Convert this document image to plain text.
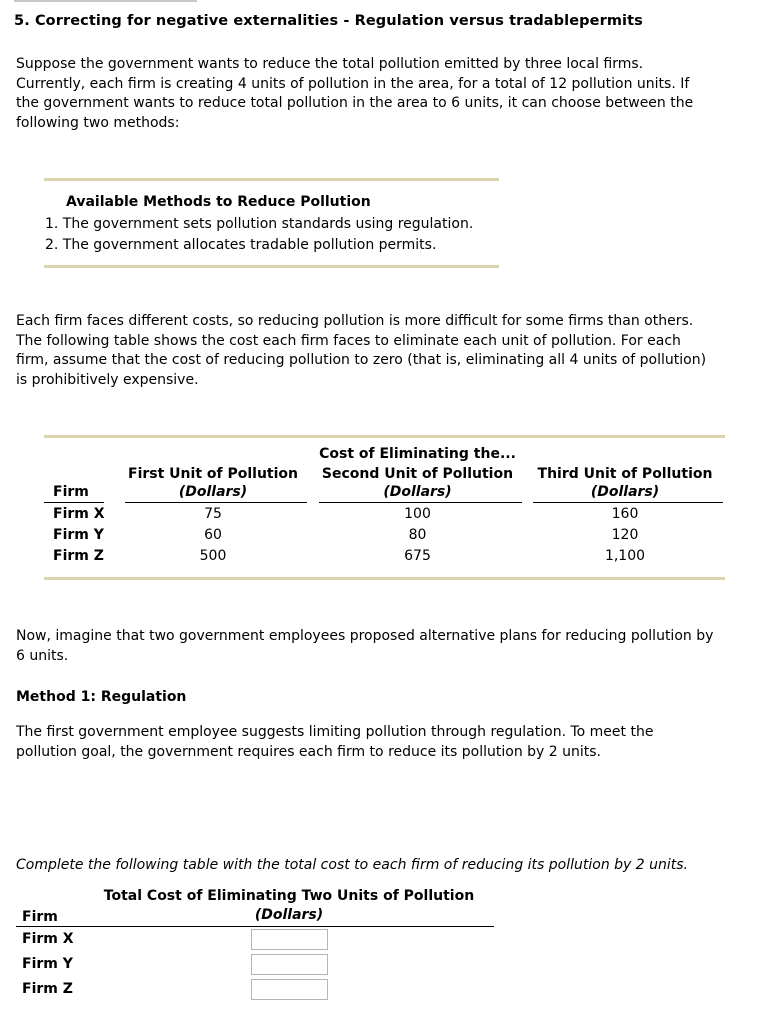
5. Correcting for negative externalities - Regulation versus tradablepermits
Suppose the government wants to reduce the total pollution emitted by three local firms.
Currently, each firm is creating 4 units of pollution in the area, for a total of 12 pollution units. If
the government wants to reduce total pollution in the area to 6 units, it can choose between the
following two methods:
Available Methods to Reduce Pollution
1. The government sets pollution standards using regulation.
2. The government allocates tradable pollution permits.
Each firm faces different costs, so reducing pollution is more difficult for some firms than others.
The following table shows the cost each firm faces to eliminate each unit of pollution. For each
firm, assume that the cost of reducing pollution to zero (that is, eliminating all 4 units of pollution)
is prohibitively expensive.
Cost of Eliminating the...
First Unit of Pollution	Second Unit of Pollution	Third Unit of Pollution
Firm	(Dollars)	(Dollars)	(Dollars)
Firm X	75	100	160
Firm Y	60	80	120
Firm Z	500	675	1,100
Now, imagine that two government employees proposed alternative plans for reducing pollution by
6 units.
Method 1: Regulation
The first government employee suggests limiting pollution through regulation. To meet the
pollution goal, the government requires each firm to reduce its pollution by 2 units.
Complete the following table with the total cost to each firm of reducing its pollution by 2 units.
Total Cost of Eliminating Two Units of Pollution
Firm	(Dollars)
Firm X
Firm Y
Firm Z
